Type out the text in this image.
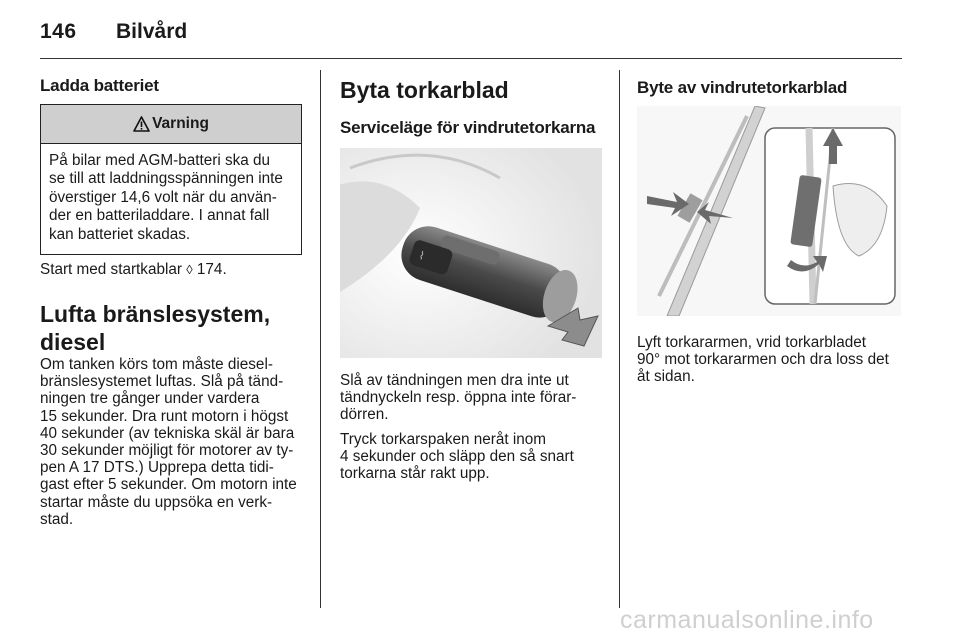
146 Bilvård
Ladda batteriet
Varning
På bilar med AGM-batteri ska du
se till att laddningsspänningen inte
överstiger 14,6 volt när du använ-
der en batteriladdare. I annat fall
kan batteriet skadas.

Start med startkablar ◊ 174.

Lufta bränslesystem,
diesel

Om tanken körs tom måste diesel-

bränslesystemet luftas. Slå på tänd-

ningen tre gånger under vardera

15 sekunder. Dra runt motorn i högst

40 sekunder (av tekniska skäl är bara

30 sekunder möjligt för motorer av ty-

pen A 17 DTS.) Upprepa detta tidi-

gast efter 5 sekunder. Om motorn inte

startar måste du uppsöka en verk-

stad.

Byta torkarblad
Serviceläge för vindrutetorkarna
⌇

Slå av tändningen men dra inte ut

tändnyckeln resp. öppna inte förar-

dörren.

Tryck torkarspaken neråt inom

4 sekunder och släpp den så snart

torkarna står rakt upp.

Byte av vindrutetorkarblad

Lyft torkararmen, vrid torkarbladet

90° mot torkararmen och dra loss det

åt sidan.

carmanualsonline.info
